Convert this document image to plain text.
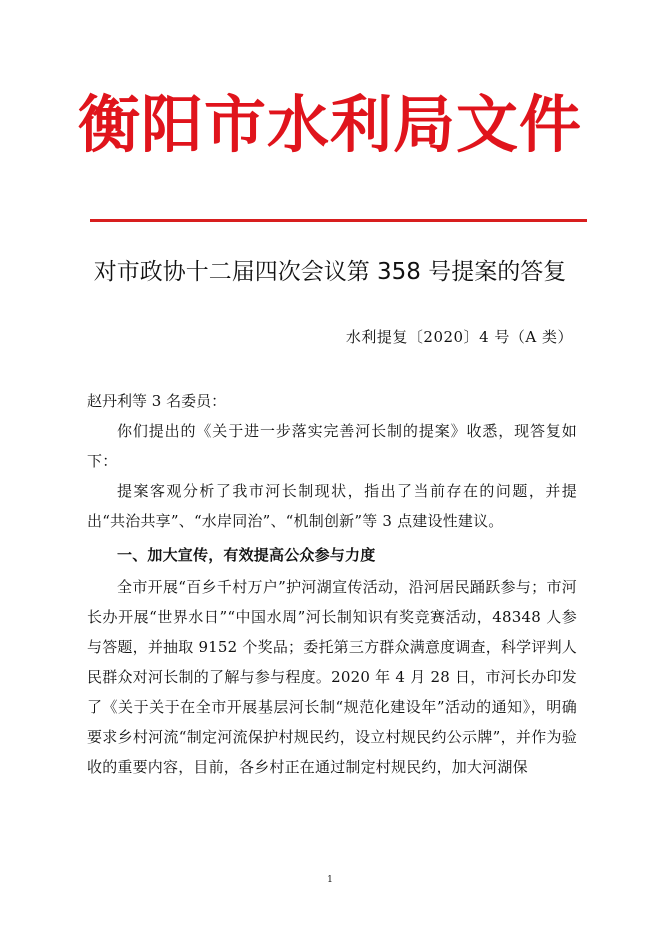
衡阳市水利局文件
对市政协十二届四次会议第 358 号提案的答复
水利提复〔2020〕4 号（A 类）
赵丹利等 3 名委员：

你们提出的《关于进一步落实完善河长制的提案》收悉，现答复如下：

提案客观分析了我市河长制现状，指出了当前存在的问题，并提出“共治共享”、“水岸同治”、“机制创新”等 3 点建设性建议。

一、加大宣传，有效提高公众参与力度

全市开展“百乡千村万户”护河湖宣传活动，沿河居民踊跃参与；市河长办开展“世界水日”“中国水周”河长制知识有奖竞赛活动，48348 人参与答题，并抽取 9152 个奖品；委托第三方群众满意度调查，科学评判人民群众对河长制的了解与参与程度。2020 年 4 月 28 日，市河长办印发了《关于关于在全市开展基层河长制“规范化建设年”活动的通知》，明确要求乡村河流“制定河流保护村规民约，设立村规民约公示牌”，并作为验收的重要内容，目前，各乡村正在通过制定村规民约，加大河湖保

1
